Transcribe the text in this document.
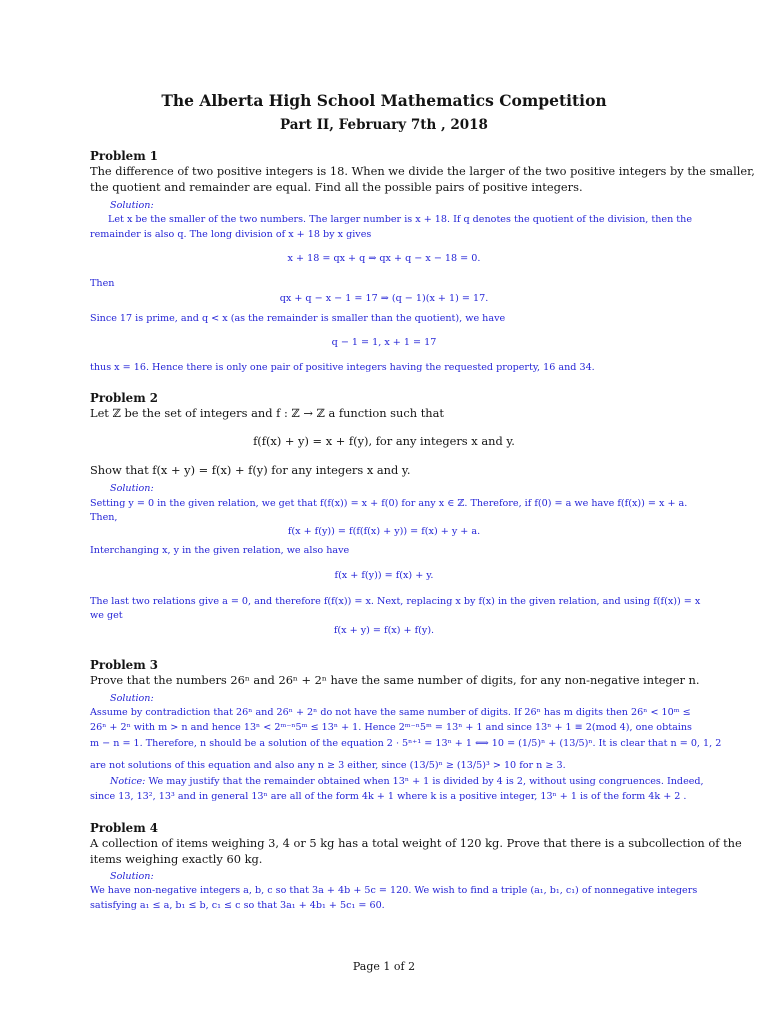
The Alberta High School Mathematics Competition
Part II, February 7th , 2018
Problem 1
The difference of two positive integers is 18. When we divide the larger of the two positive integers by the smaller,
the quotient and remainder are equal. Find all the possible pairs of positive integers.
Solution:
Let x be the smaller of the two numbers. The larger number is x + 18. If q denotes the quotient of the division, then the
remainder is also q. The long division of x + 18 by x gives
x + 18 = qx + q ⇒ qx + q − x − 18 = 0.
Then
qx + q − x − 1 = 17 ⇒ (q − 1)(x + 1) = 17.
Since 17 is prime, and q < x (as the remainder is smaller than the quotient), we have
q − 1 = 1, x + 1 = 17
thus x = 16. Hence there is only one pair of positive integers having the requested property, 16 and 34.
Problem 2
Let ℤ be the set of integers and f : ℤ → ℤ a function such that
f(f(x) + y) = x + f(y), for any integers x and y.
Show that f(x + y) = f(x) + f(y) for any integers x and y.
Solution:
Setting y = 0 in the given relation, we get that f(f(x)) = x + f(0) for any x ∈ ℤ. Therefore, if f(0) = a we have f(f(x)) = x + a.
Then,
f(x + f(y)) = f(f(f(x) + y)) = f(x) + y + a.
Interchanging x, y in the given relation, we also have
f(x + f(y)) = f(x) + y.
The last two relations give a = 0, and therefore f(f(x)) = x. Next, replacing x by f(x) in the given relation, and using f(f(x)) = x
we get
f(x + y) = f(x) + f(y).
Problem 3
Prove that the numbers 26ⁿ and 26ⁿ + 2ⁿ have the same number of digits, for any non-negative integer n.
Solution:
Assume by contradiction that 26ⁿ and 26ⁿ + 2ⁿ do not have the same number of digits. If 26ⁿ has m digits then 26ⁿ < 10ᵐ ≤
26ⁿ + 2ⁿ with m > n and hence 13ⁿ < 2ᵐ⁻ⁿ5ᵐ ≤ 13ⁿ + 1. Hence 2ᵐ⁻ⁿ5ᵐ = 13ⁿ + 1 and since 13ⁿ + 1 ≡ 2(mod 4), one obtains
m − n = 1. Therefore, n should be a solution of the equation 2 · 5ⁿ⁺¹ = 13ⁿ + 1 ⟺ 10 = (1/5)ⁿ + (13/5)ⁿ. It is clear that n = 0, 1, 2
are not solutions of this equation and also any n ≥ 3 either, since (13/5)ⁿ ≥ (13/5)³ > 10 for n ≥ 3.
Notice: We may justify that the remainder obtained when 13ⁿ + 1 is divided by 4 is 2, without using congruences. Indeed,
since 13, 13², 13³ and in general 13ⁿ are all of the form 4k + 1 where k is a positive integer, 13ⁿ + 1 is of the form 4k + 2 .
Problem 4
A collection of items weighing 3, 4 or 5 kg has a total weight of 120 kg. Prove that there is a subcollection of the
items weighing exactly 60 kg.
Solution:
We have non-negative integers a, b, c so that 3a + 4b + 5c = 120. We wish to find a triple (a₁, b₁, c₁) of nonnegative integers
satisfying a₁ ≤ a, b₁ ≤ b, c₁ ≤ c so that 3a₁ + 4b₁ + 5c₁ = 60.
Page 1 of 2
